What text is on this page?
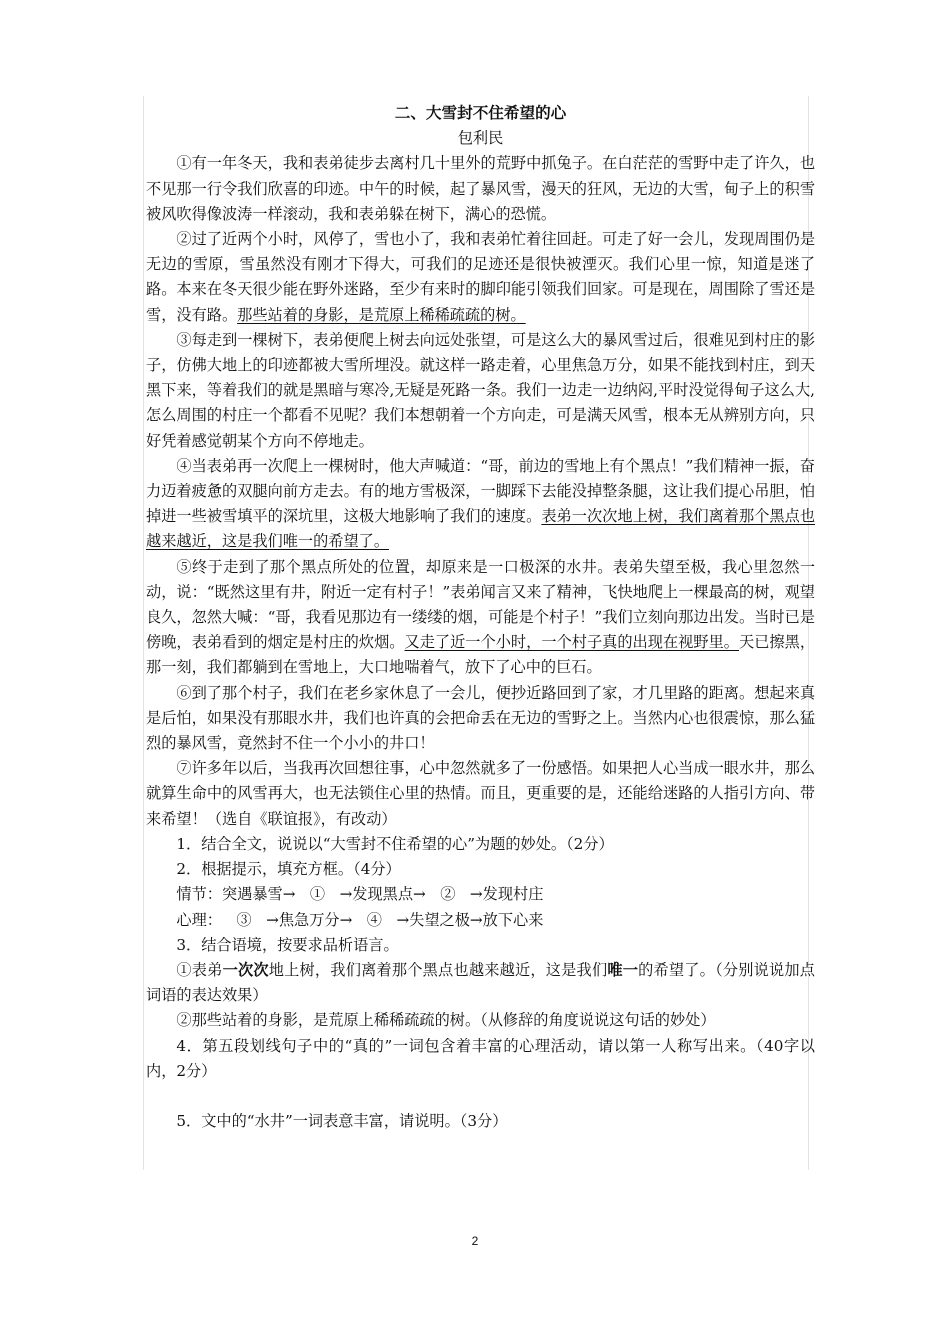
二、大雪封不住希望的心
包利民

①有一年冬天，我和表弟徒步去离村几十里外的荒野中抓兔子。在白茫茫的雪野中走了许久，也不见那一行令我们欣喜的印迹。中午的时候，起了暴风雪，漫天的狂风，无边的大雪，甸子上的积雪被风吹得像波涛一样滚动，我和表弟躲在树下，满心的恐慌。

②过了近两个小时，风停了，雪也小了，我和表弟忙着往回赶。可走了好一会儿，发现周围仍是无边的雪原，雪虽然没有刚才下得大，可我们的足迹还是很快被湮灭。我们心里一惊，知道是迷了路。本来在冬天很少能在野外迷路，至少有来时的脚印能引领我们回家。可是现在，周围除了雪还是雪，没有路。那些站着的身影，是荒原上稀稀疏疏的树。

③每走到一棵树下，表弟便爬上树去向远处张望，可是这么大的暴风雪过后，很难见到村庄的影子，仿佛大地上的印迹都被大雪所埋没。就这样一路走着，心里焦急万分，如果不能找到村庄，到天黑下来，等着我们的就是黑暗与寒冷,无疑是死路一条。我们一边走一边纳闷,平时没觉得甸子这么大,怎么周围的村庄一个都看不见呢？我们本想朝着一个方向走，可是满天风雪，根本无从辨别方向，只好凭着感觉朝某个方向不停地走。

④当表弟再一次爬上一棵树时，他大声喊道：“哥，前边的雪地上有个黑点！”我们精神一振，奋力迈着疲惫的双腿向前方走去。有的地方雪极深，一脚踩下去能没掉整条腿，这让我们提心吊胆，怕掉进一些被雪填平的深坑里，这极大地影响了我们的速度。表弟一次次地上树，我们离着那个黑点也越来越近，这是我们唯一的希望了。

⑤终于走到了那个黑点所处的位置，却原来是一口极深的水井。表弟失望至极，我心里忽然一动，说：“既然这里有井，附近一定有村子！”表弟闻言又来了精神，飞快地爬上一棵最高的树，观望良久，忽然大喊：“哥，我看见那边有一缕缕的烟，可能是个村子！”我们立刻向那边出发。当时已是傍晚，表弟看到的烟定是村庄的炊烟。又走了近一个小时，一个村子真的出现在视野里。天已擦黑，那一刻，我们都躺到在雪地上，大口地喘着气，放下了心中的巨石。

⑥到了那个村子，我们在老乡家休息了一会儿，便抄近路回到了家，才几里路的距离。想起来真是后怕，如果没有那眼水井，我们也许真的会把命丢在无边的雪野之上。当然内心也很震惊，那么猛烈的暴风雪，竟然封不住一个小小的井口！

⑦许多年以后，当我再次回想往事，心中忽然就多了一份感悟。如果把人心当成一眼水井，那么就算生命中的风雪再大，也无法锁住心里的热情。而且，更重要的是，还能给迷路的人指引方向、带来希望！（选自《联谊报》，有改动）

1．结合全文，说说以“大雪封不住希望的心”为题的妙处。（2分）

2．根据提示，填充方框。（4分）

情节：突遇暴雪→   ①   →发现黑点→   ②   →发现村庄
心理：   ③   →焦急万分→   ④   →失望之极→放下心来

3．结合语境，按要求品析语言。

①表弟一次次地上树，我们离着那个黑点也越来越近，这是我们唯一的希望了。（分别说说加点词语的表达效果）

②那些站着的身影，是荒原上稀稀疏疏的树。（从修辞的角度说说这句话的妙处）

4．第五段划线句子中的“真的”一词包含着丰富的心理活动，请以第一人称写出来。（40字以内，2分）

5．文中的“水井”一词表意丰富，请说明。（3分）

2
